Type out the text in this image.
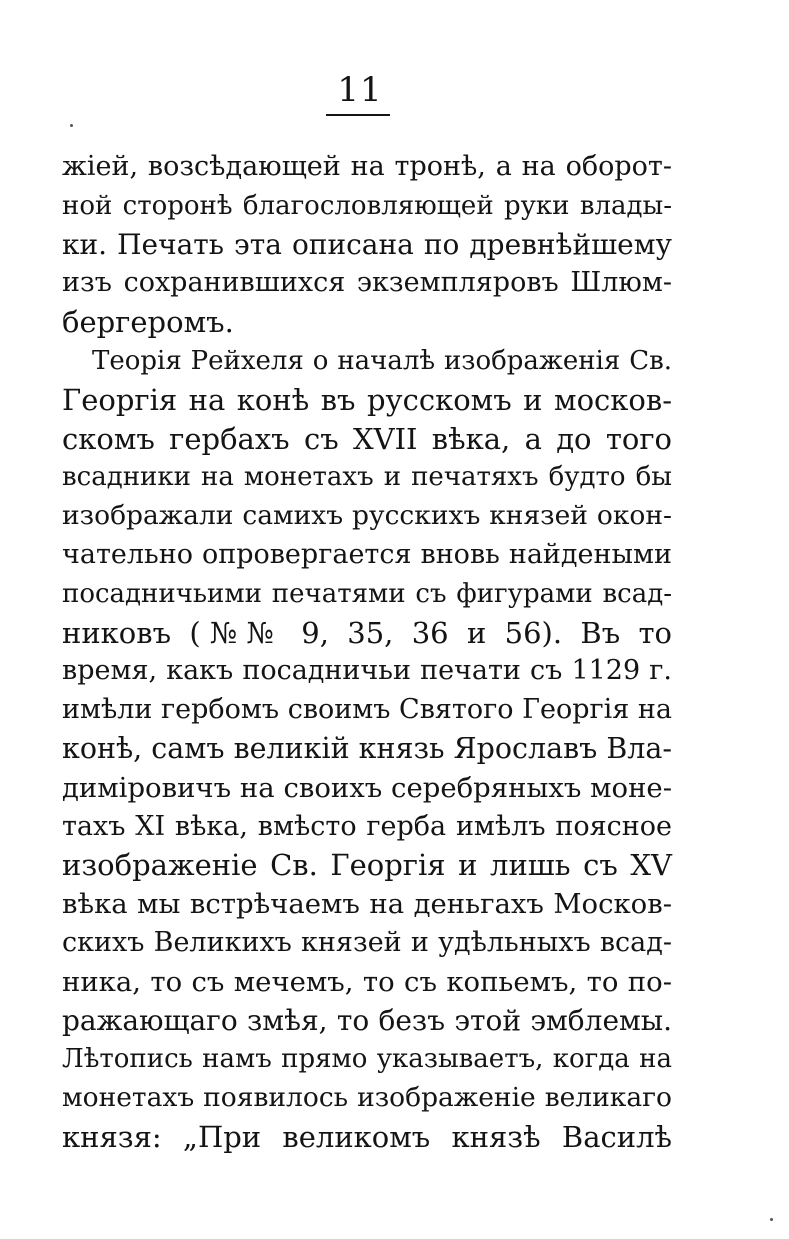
11
жіей, возсѣдающей на тронѣ, а на оборот-
ной сторонѣ благословляющей руки влады-
ки. Печать эта описана по древнѣйшему
изъ сохранившихся экземпляровъ Шлюм-
бергеромъ.
Теорія Рейхеля о началѣ изображенія Св.
Георгія на конѣ въ русскомъ и москов-
скомъ гербахъ съ XVII вѣка, а до того
всадники на монетахъ и печатяхъ будто бы
изображали самихъ русскихъ князей окон-
чательно опровергается вновь найдеными
посадничьими печатями съ фигурами всад-
никовъ (№№ 9, 35, 36 и 56). Въ то
время, какъ посадничьи печати съ 1129 г.
имѣли гербомъ своимъ Святого Георгія на
конѣ, самъ великій князь Ярославъ Вла-
диміровичъ на своихъ серебряныхъ моне-
тахъ XI вѣка, вмѣсто герба имѣлъ поясное
изображеніе Св. Георгія и лишь съ XV
вѣка мы встрѣчаемъ на деньгахъ Москов-
скихъ Великихъ князей и удѣльныхъ всад-
ника, то съ мечемъ, то съ копьемъ, то по-
ражающаго змѣя, то безъ этой эмблемы.
Лѣтопись намъ прямо указываетъ, когда на
монетахъ появилось изображеніе великаго
князя: „При великомъ князѣ Василѣ
